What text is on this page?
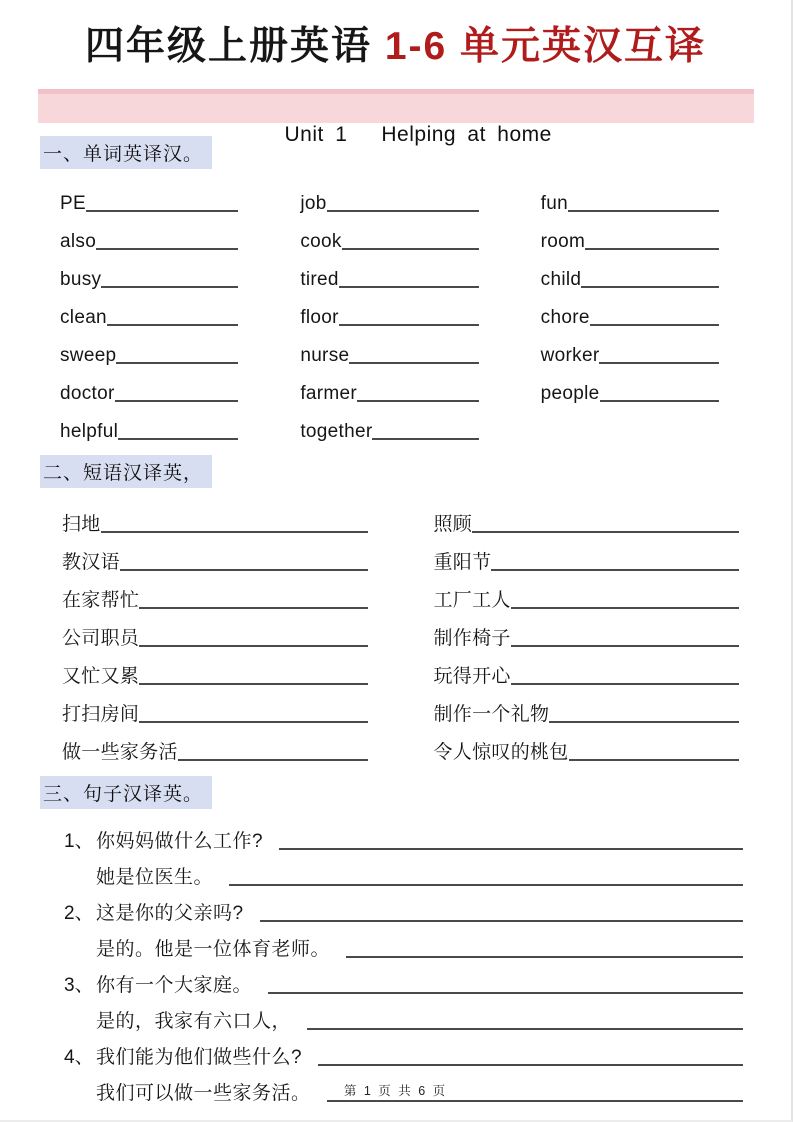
四年级上册英语 1-6 单元英汉互译

Unit 1   Helping at home

一、单词英译汉。
PE	job	fun
also	cook	room
busy	tired	child
clean	floor	chore
sweep	nurse	worker
doctor	farmer	people
helpful	together
二、短语汉译英，
扫地	照顾
教汉语	重阳节
在家帮忙	工厂工人
公司职员	制作椅子
又忙又累	玩得开心
打扫房间	制作一个礼物
做一些家务活	令人惊叹的桃包
三、句子汉译英。
1、 你妈妈做什么工作?
她是位医生。
2、 这是你的父亲吗?
是的。他是一位体育老师。
3、 你有一个大家庭。
是的，我家有六口人，
4、 我们能为他们做些什么?
我们可以做一些家务活。	第 1 页 共 6 页
